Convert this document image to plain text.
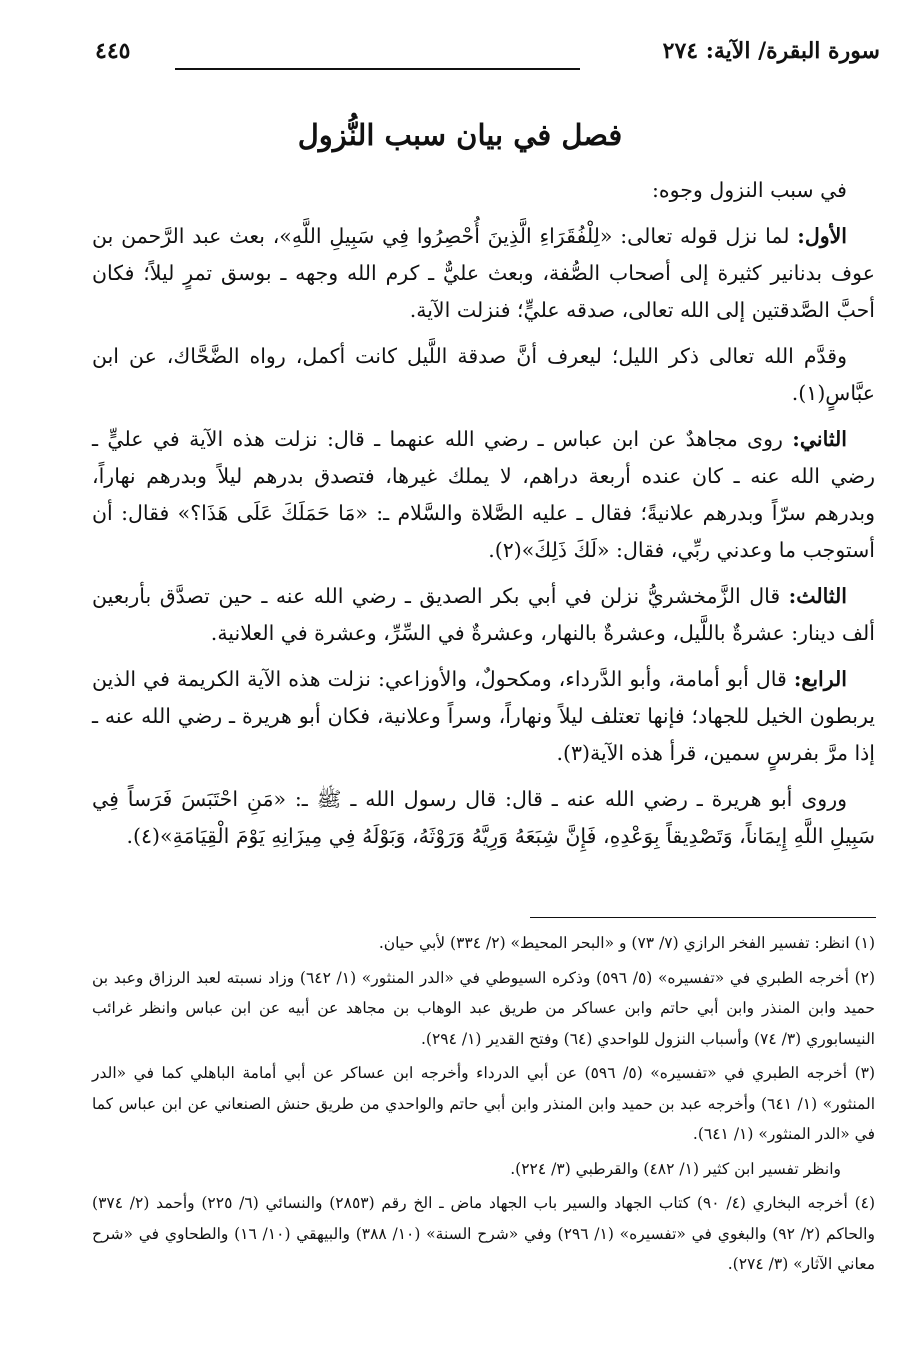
سورة البقرة/ الآية: ٢٧٤
٤٤٥
فصل في بيان سبب النُّزول

في سبب النزول وجوه:

الأول: لما نزل قوله تعالى: «لِلْفُقَرَاءِ الَّذِينَ أُحْصِرُوا فِي سَبِيلِ اللَّهِ»، بعث عبد الرَّحمن بن عوف بدنانير كثيرة إلى أصحاب الصُّفة، وبعث عليٌّ ـ كرم الله وجهه ـ بوسق تمرٍ ليلاً؛ فكان أحبَّ الصَّدقتين إلى الله تعالى، صدقه عليٍّ؛ فنزلت الآية.

وقدَّم الله تعالى ذكر الليل؛ ليعرف أنَّ صدقة اللَّيل كانت أكمل، رواه الضَّحَّاك، عن ابن عبَّاسٍ(١).

الثاني: روى مجاهدٌ عن ابن عباس ـ رضي الله عنهما ـ قال: نزلت هذه الآية في عليٍّ ـ رضي الله عنه ـ كان عنده أربعة دراهم، لا يملك غيرها، فتصدق بدرهم ليلاً وبدرهم نهاراً، وبدرهم سرّاً وبدرهم علانيةً؛ فقال ـ عليه الصَّلاة والسَّلام ـ: «مَا حَمَلَكَ عَلَى هَذَا؟» فقال: أن أستوجب ما وعدني ربِّي، فقال: «لَكَ ذَلِكَ»(٢).

الثالث: قال الزَّمخشريُّ نزلن في أبي بكر الصديق ـ رضي الله عنه ـ حين تصدَّق بأربعين ألف دينار: عشرةٌ باللَّيل، وعشرةٌ بالنهار، وعشرةٌ في السِّرِّ، وعشرة في العلانية.

الرابع: قال أبو أمامة، وأبو الدَّرداء، ومكحولٌ، والأوزاعي: نزلت هذه الآية الكريمة في الذين يربطون الخيل للجهاد؛ فإنها تعتلف ليلاً ونهاراً، وسراً وعلانية، فكان أبو هريرة ـ رضي الله عنه ـ إذا مرَّ بفرسٍ سمين، قرأ هذه الآية(٣).

وروى أبو هريرة ـ رضي الله عنه ـ قال: قال رسول الله ـ ﷺ ـ: «مَنِ احْتَبَسَ فَرَساً فِي سَبِيلِ اللَّهِ إِيمَاناً، وَتَصْدِيقاً بِوَعْدِهِ، فَإِنَّ شِبَعَهُ وَرِيَّهُ وَرَوْثَهُ، وَبَوْلَهُ فِي مِيزَانِهِ يَوْمَ الْقِيَامَةِ»(٤).

(١) انظر: تفسير الفخر الرازي (٧/ ٧٣) و «البحر المحيط» (٢/ ٣٣٤) لأبي حيان.

(٢) أخرجه الطبري في «تفسيره» (٥/ ٥٩٦) وذكره السيوطي في «الدر المنثور» (١/ ٦٤٢) وزاد نسبته لعبد الرزاق وعبد بن حميد وابن المنذر وابن أبي حاتم وابن عساكر من طريق عبد الوهاب بن مجاهد عن أبيه عن ابن عباس وانظر غرائب النيسابوري (٣/ ٧٤) وأسباب النزول للواحدي (٦٤) وفتح القدير (١/ ٢٩٤).

(٣) أخرجه الطبري في «تفسيره» (٥/ ٥٩٦) عن أبي الدرداء وأخرجه ابن عساكر عن أبي أمامة الباهلي كما في «الدر المنثور» (١/ ٦٤١) وأخرجه عبد بن حميد وابن المنذر وابن أبي حاتم والواحدي من طريق حنش الصنعاني عن ابن عباس كما في «الدر المنثور» (١/ ٦٤١).

وانظر تفسير ابن كثير (١/ ٤٨٢) والقرطبي (٣/ ٢٢٤).

(٤) أخرجه البخاري (٤/ ٩٠) كتاب الجهاد والسير باب الجهاد ماض ـ الخ رقم (٢٨٥٣) والنسائي (٦/ ٢٢٥) وأحمد (٢/ ٣٧٤) والحاكم (٢/ ٩٢) والبغوي في «تفسيره» (١/ ٢٩٦) وفي «شرح السنة» (١٠/ ٣٨٨) والبيهقي (١٠/ ١٦) والطحاوي في «شرح معاني الآثار» (٣/ ٢٧٤).
